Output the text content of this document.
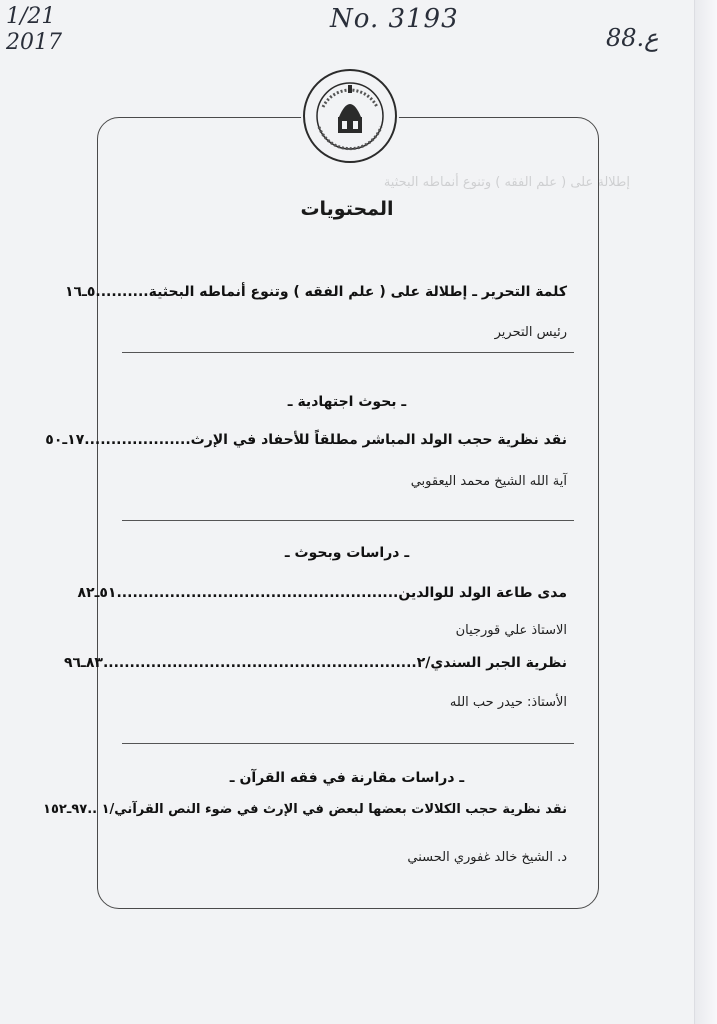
إطلالة على ( علم الفقه ) وتنوع أنماطه البحثية
1/21
2017
No. 3193
88.ع
المحتويات
كلمة التحرير ـ إطلالة على ( علم الفقه ) وتنوع أنماطه البحثية..........٥ـ١٦
رئيس التحرير
ـ بحوث اجتهادية ـ
نقد نظرية حجب الولد المباشر مطلقاً للأحفاد في الإرث....................١٧ـ٥٠
آية الله الشيخ محمد اليعقوبي
ـ دراسات وبحوث ـ
مدى طاعة الولد للوالدين.....................................................٥١ـ٨٢
الاستاذ علي قورجيان
نظرية الجبر السندي/٢...........................................................٨٣ـ٩٦
الأستاذ: حيدر حب الله
ـ دراسات مقارنة في فقه القرآن ـ
نقد نظرية حجب الكلالات بعضها لبعض في الإرث في ضوء النص القرآني/١ ..٩٧ـ١٥٢
د. الشيخ خالد غفوري الحسني
